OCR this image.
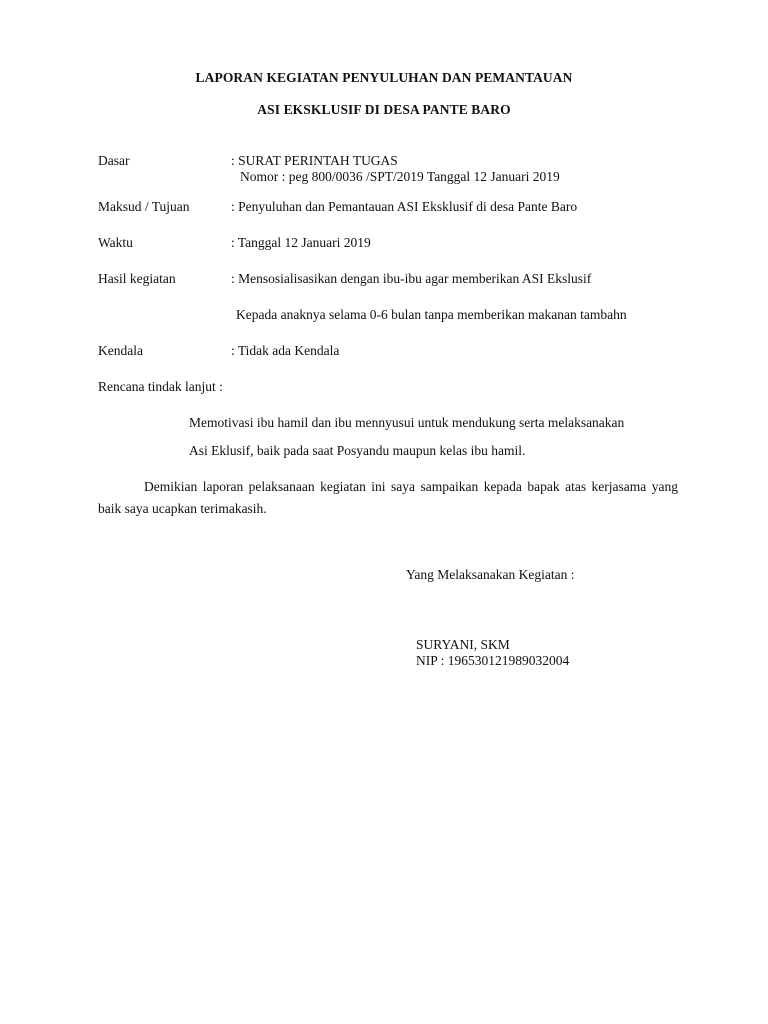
LAPORAN KEGIATAN PENYULUHAN DAN PEMANTAUAN
ASI EKSKLUSIF DI DESA PANTE BARO
Dasar	: SURAT PERINTAH TUGAS
Nomor : peg 800/0036 /SPT/2019 Tanggal 12 Januari 2019
Maksud / Tujuan	: Penyuluhan dan Pemantauan ASI Eksklusif di desa Pante Baro
Waktu	: Tanggal 12 Januari 2019
Hasil kegiatan	: Mensosialisasikan dengan ibu-ibu agar memberikan ASI Ekslusif
Kepada anaknya selama 0-6 bulan tanpa memberikan makanan tambahn
Kendala	: Tidak ada Kendala
Rencana tindak lanjut :
Memotivasi ibu hamil dan ibu mennyusui untuk mendukung serta melaksanakan
Asi Eklusif, baik pada saat Posyandu maupun kelas ibu hamil.

Demikian laporan pelaksanaan kegiatan ini saya sampaikan kepada bapak atas kerjasama yang baik saya ucapkan terimakasih.

Yang Melaksanakan Kegiatan :
SURYANI, SKM
NIP : 196530121989032004
